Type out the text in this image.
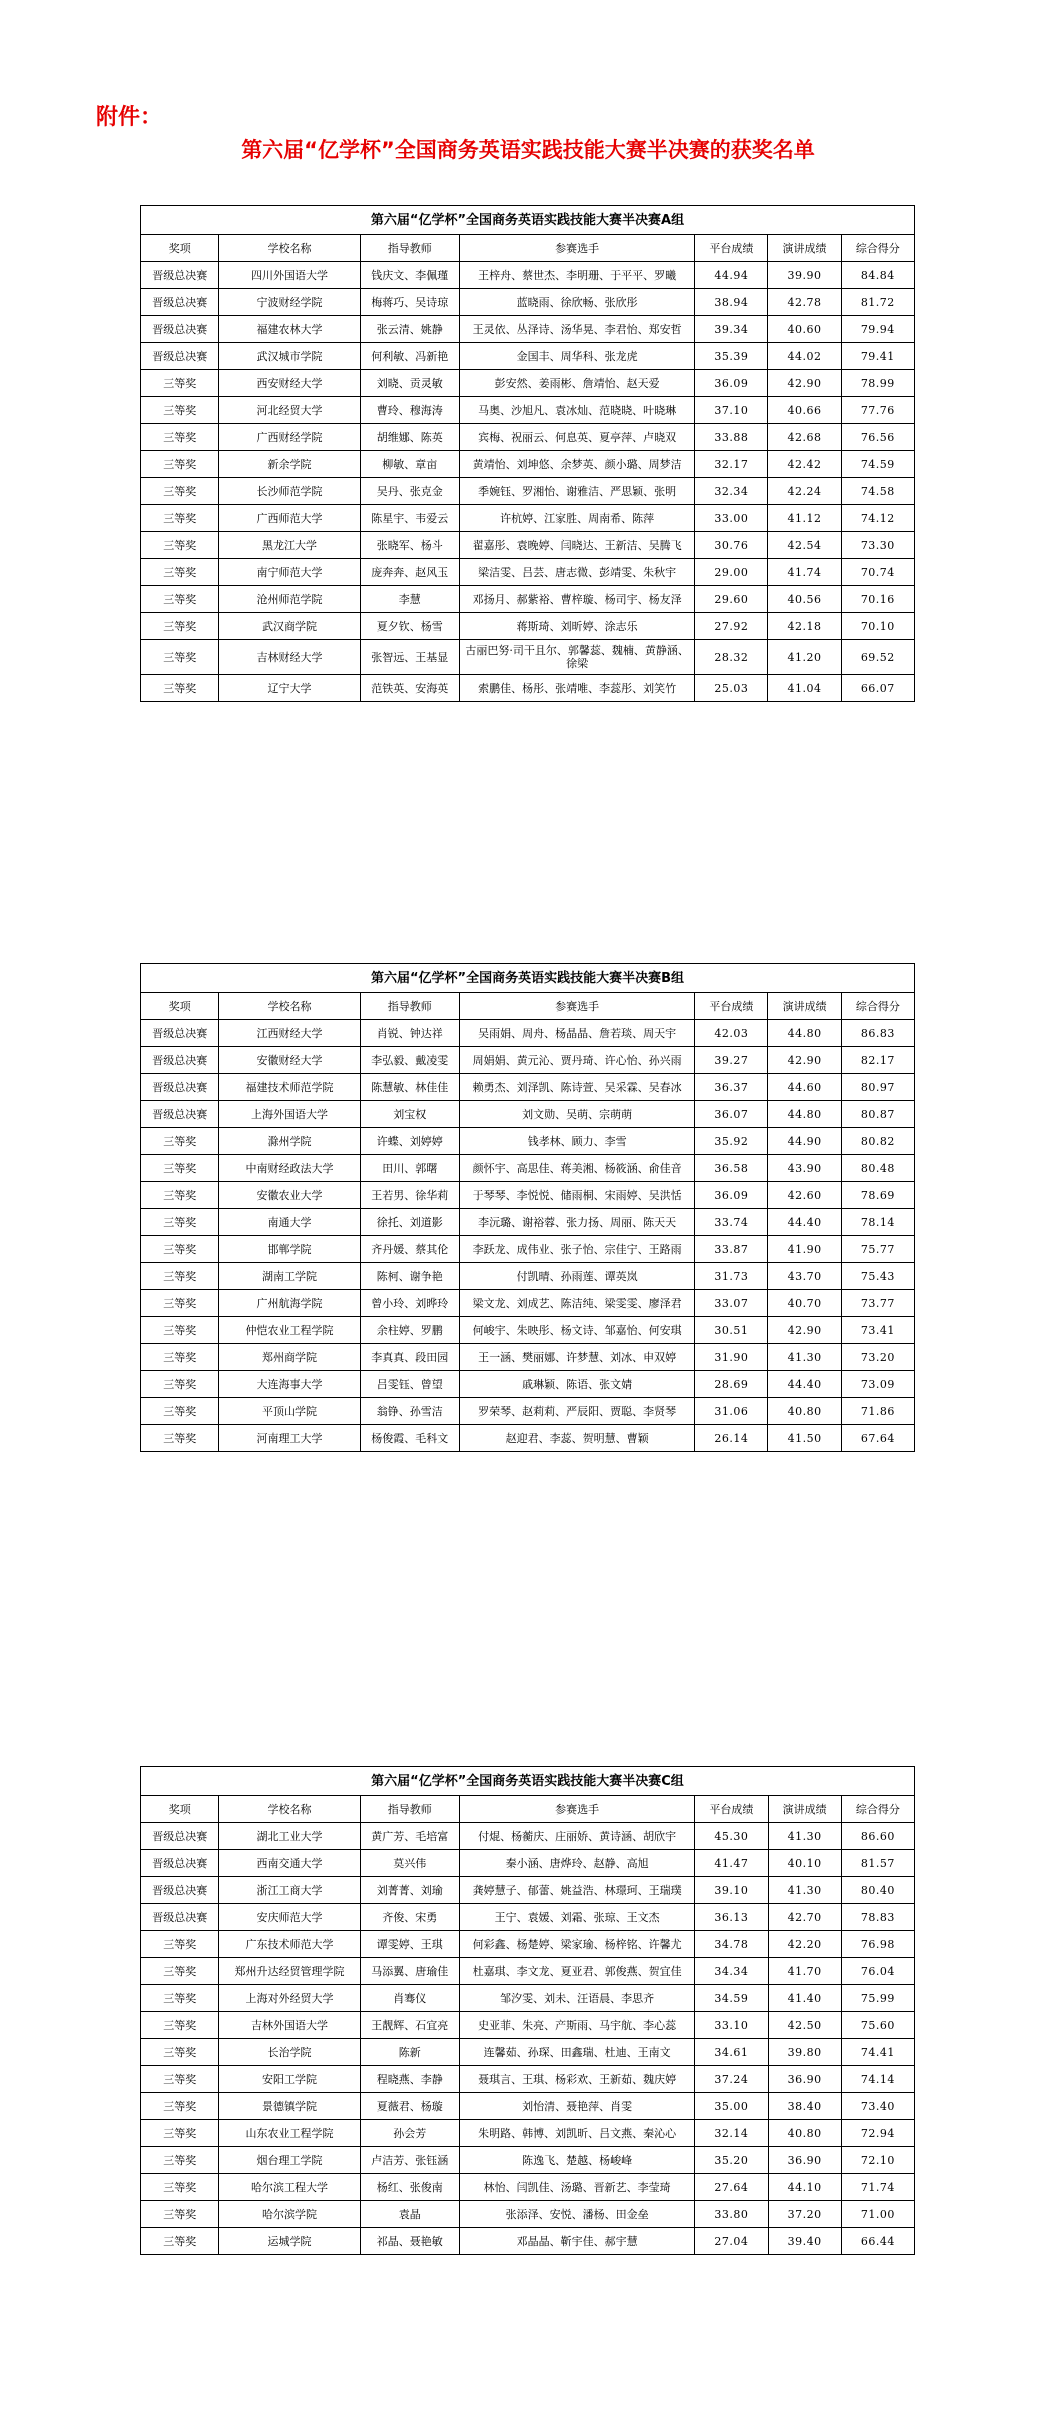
附件：
第六届“亿学杯”全国商务英语实践技能大赛半决赛的获奖名单
第六届“亿学杯”全国商务英语实践技能大赛半决赛A组						
奖项	学校名称	指导教师	参赛选手	平台成绩	演讲成绩	综合得分
晋级总决赛	四川外国语大学	钱庆文、李佩瑾	王梓舟、蔡世杰、李明珊、于平平、罗曦	44.94	39.90	84.84
晋级总决赛	宁波财经学院	梅蒋巧、吴诗琼	蓝晓雨、徐欣畅、张欣彤	38.94	42.78	81.72
晋级总决赛	福建农林大学	张云清、姚静	王灵依、丛泽诗、汤华晃、李君怡、郑安哲	39.34	40.60	79.94
晋级总决赛	武汉城市学院	何利敏、冯新艳	金国丰、周华科、张龙虎	35.39	44.02	79.41
三等奖	西安财经大学	刘晓、贡灵敏	彭安然、姜雨彬、詹靖怡、赵天爱	36.09	42.90	78.99
三等奖	河北经贸大学	曹玲、穆海涛	马奥、沙旭凡、袁冰灿、范晓晓、叶晓琳	37.10	40.66	77.76
三等奖	广西财经学院	胡维娜、陈英	宾梅、祝丽云、何息英、夏亭萍、卢晓双	33.88	42.68	76.56
三等奖	新余学院	柳敏、章亩	黄靖怡、刘坤悠、余梦英、颜小璐、周梦洁	32.17	42.42	74.59
三等奖	长沙师范学院	吴丹、张克金	季婉钰、罗湘怡、谢雅洁、严思颖、张明	32.34	42.24	74.58
三等奖	广西师范大学	陈星宇、韦爱云	许杭婷、江家胜、周南希、陈萍	33.00	41.12	74.12
三等奖	黑龙江大学	张晓军、杨斗	翟嘉彤、袁晚婷、闫晓达、王新洁、吴腾飞	30.76	42.54	73.30
三等奖	南宁师范大学	庞奔奔、赵风玉	梁洁雯、吕芸、唐志微、彭靖雯、朱秋宇	29.00	41.74	70.74
三等奖	沧州师范学院	李慧	邓扬月、郝紫裕、曹梓璇、杨司宇、杨友泽	29.60	40.56	70.16
三等奖	武汉商学院	夏夕钦、杨雪	蒋斯琦、刘昕婷、涂志乐	27.92	42.18	70.10
三等奖	吉林财经大学	张智远、王基显	古丽巴努·司干且尔、郭馨蕊、魏楠、黄静涵、徐梁	28.32	41.20	69.52
三等奖	辽宁大学	范铁英、安海英	索鹏佳、杨彤、张靖唯、李蕊彤、刘笑竹	25.03	41.04	66.07
第六届“亿学杯”全国商务英语实践技能大赛半决赛B组						
奖项	学校名称	指导教师	参赛选手	平台成绩	演讲成绩	综合得分
晋级总决赛	江西财经大学	肖锐、钟达祥	吴雨娟、周舟、杨晶晶、詹若琰、周天宇	42.03	44.80	86.83
晋级总决赛	安徽财经大学	李弘毅、戴凌雯	周娟娟、黄元沁、贾丹琦、许心怡、孙兴雨	39.27	42.90	82.17
晋级总决赛	福建技术师范学院	陈慧敏、林佳佳	赖勇杰、刘泽凯、陈诗萱、吴采霖、吴春冰	36.37	44.60	80.97
晋级总决赛	上海外国语大学	刘宝权	刘文勋、吴萌、宗萌萌	36.07	44.80	80.87
三等奖	滁州学院	许蝶、刘婷婷	钱孝林、顾力、李雪	35.92	44.90	80.82
三等奖	中南财经政法大学	田川、郭曙	颜怀宇、高思佳、蒋美湘、杨筱涵、俞佳音	36.58	43.90	80.48
三等奖	安徽农业大学	王若男、徐华莉	于琴琴、李悦悦、储雨桐、宋雨婷、吴洪恬	36.09	42.60	78.69
三等奖	南通大学	徐托、刘道影	李沅璐、谢裕蓉、张力扬、周丽、陈天天	33.74	44.40	78.14
三等奖	邯郸学院	齐丹媛、蔡其伦	李跃龙、成伟业、张子怡、宗佳宁、王路雨	33.87	41.90	75.77
三等奖	湖南工学院	陈柯、谢争艳	付凯晴、孙雨莲、谭英岚	31.73	43.70	75.43
三等奖	广州航海学院	曾小玲、刘晔玲	梁文龙、刘成艺、陈洁纯、梁雯雯、廖泽君	33.07	40.70	73.77
三等奖	仲恺农业工程学院	余柱婷、罗鹏	何峻宇、朱映彤、杨文诗、邹嘉怡、何安琪	30.51	42.90	73.41
三等奖	郑州商学院	李真真、段田园	王一涵、樊丽娜、许梦慧、刘冰、申双婷	31.90	41.30	73.20
三等奖	大连海事大学	吕雯钰、曾望	戚琳颖、陈语、张文婧	28.69	44.40	73.09
三等奖	平顶山学院	翁铮、孙雪洁	罗荣琴、赵莉莉、严辰阳、贾聪、李贤琴	31.06	40.80	71.86
三等奖	河南理工大学	杨俊霞、毛科文	赵迎君、李蕊、贺明慧、曹颖	26.14	41.50	67.64
第六届“亿学杯”全国商务英语实践技能大赛半决赛C组						
奖项	学校名称	指导教师	参赛选手	平台成绩	演讲成绩	综合得分
晋级总决赛	湖北工业大学	黄广芳、毛培富	付焜、杨蘅庆、庄丽娇、黄诗涵、胡欣宇	45.30	41.30	86.60
晋级总决赛	西南交通大学	莫兴伟	秦小涵、唐烨玲、赵静、高旭	41.47	40.10	81.57
晋级总决赛	浙江工商大学	刘菁菁、刘瑜	龚婷慧子、郁蕾、姚益浩、林璟珂、王瑞璞	39.10	41.30	80.40
晋级总决赛	安庆师范大学	齐俊、宋勇	王宁、袁媛、刘霜、张琼、王文杰	36.13	42.70	78.83
三等奖	广东技术师范大学	谭雯婷、王琪	何彩鑫、杨楚婷、梁家瑜、杨梓铭、许馨尤	34.78	42.20	76.98
三等奖	郑州升达经贸管理学院	马添翼、唐瑜佳	杜嘉琪、李文龙、夏亚君、郭俊燕、贺宜佳	34.34	41.70	76.04
三等奖	上海对外经贸大学	肖骞仪	邹汐雯、刘未、汪语晨、李思齐	34.59	41.40	75.99
三等奖	吉林外国语大学	王靓辉、石宜亮	史亚菲、朱亮、产斯雨、马宇航、李心蕊	33.10	42.50	75.60
三等奖	长治学院	陈新	连馨茹、孙琛、田鑫瑞、杜迪、王南文	34.61	39.80	74.41
三等奖	安阳工学院	程晓燕、李静	聂琪言、王琪、杨彩欢、王新茹、魏庆婷	37.24	36.90	74.14
三等奖	景德镇学院	夏薇君、杨璇	刘怡清、聂艳萍、肖雯	35.00	38.40	73.40
三等奖	山东农业工程学院	孙会芳	朱明路、韩博、刘凯昕、吕文燕、秦沁心	32.14	40.80	72.94
三等奖	烟台理工学院	卢洁芳、张钰涵	陈逸飞、楚越、杨峻峰	35.20	36.90	72.10
三等奖	哈尔滨工程大学	杨红、张俊南	林怡、闫凯佳、汤璐、晋新艺、李莹琦	27.64	44.10	71.74
三等奖	哈尔滨学院	袁晶	张添泽、安悦、潘杨、田金垒	33.80	37.20	71.00
三等奖	运城学院	祁晶、聂艳敏	邓晶晶、靳宇佳、郝宇慧	27.04	39.40	66.44
